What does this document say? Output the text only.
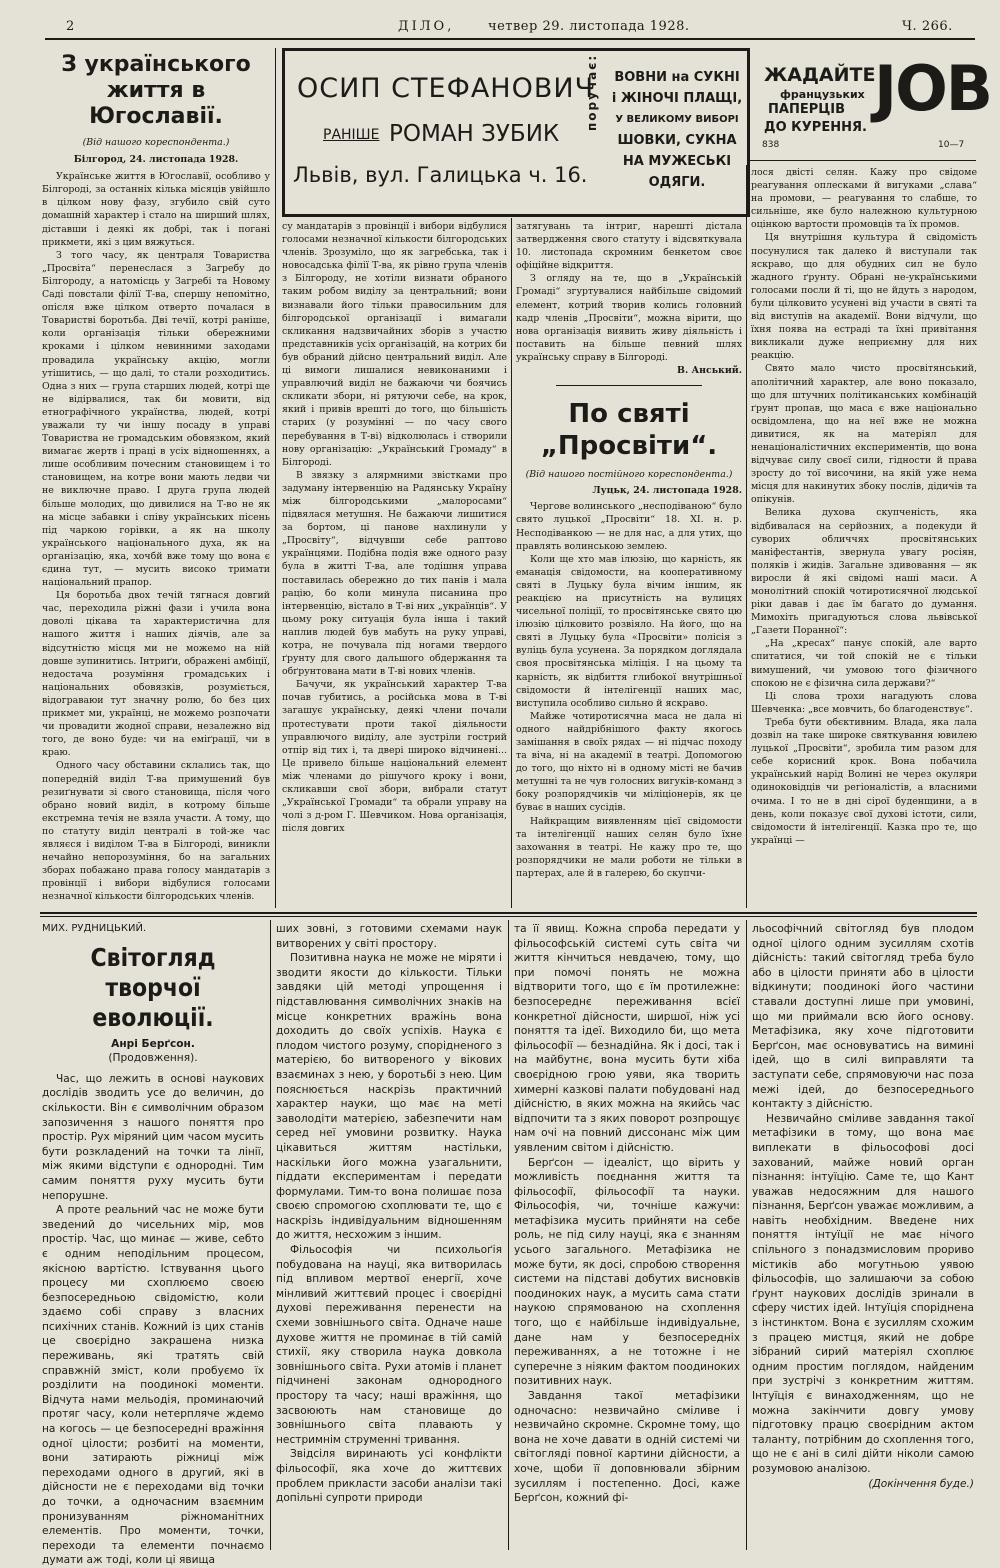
2	ДІЛО,	четвер 29. листопада 1928.	Ч. 266.
З українського життя в Югославії.

(Від нашого кореспондента.)

Білгород, 24. листопада 1928.

Українське життя в Югославії, особливо у Білгороді, за останніх кілька місяців увійшло в цілком нову фазу, згубило свій суто домашній характер і стало на ширший шлях, діставши і деякі як добрі, так і погані прикмети, які з цим вяжуться.

З того часу, як централя Товариства „Просвіта“ перенеслася з Загребу до Білгороду, а натомісць у Загребі та Новому Саді повстали філії Т-ва, спершу непомітно, опісля вже цілком отверто почалася в Товаристві боротьба. Дві течії, котрі раніше, коли організація тільки обережними кроками і цілком невинними заходами провадила українську акцію, могли утішитись, — що далі, то стали розходитись. Одна з них — група старших людей, котрі ще не відірвалися, так би мовити, від етнографічного українства, людей, котрі уважали ту чи іншу посаду в управі Товариства не громадським обовязком, який вимагає жертв і праці в усіх відношеннях, а лише особливим почесним становищем і то становищем, на котре вони мають ледви чи не виключне право. І друга група людей більше молодих, що дивилися на Т-во не як на місце забавки і співу українських пісень під чаркою горівки, а як на школу українського національного духа, як на організацію, яка, хочбй вже тому що вона є єдина тут, — мусить високо тримати національний прапор.

Ця боротьба двох течій тягнася довгий час, переходила ріжні фази і учила вона доволі цікава та характеристична для нашого життя і наших діячів, але за відсутністю місця ми не можемо на ній довше зупинитись. Інтриґи, ображені амбіції, недостача розуміння громадських і національних обовязків, розуміється, відограваюи тут значну ролю, бо без цих прикмет ми, українці, не можемо розпочати чи провадити жодної справи, незалежно від того, де воно буде: чи на еміґрації, чи в краю.

Одного часу обставини склались так, що попередній виділ Т-ва примушений був резиґнувати зі свого становища, після чого обрано новий виділ, в котрому більше екстремна течія не взяла участи. А тому, що по статуту виділ централі в той-же час являєся і виділом Т-ва в Білгороді, виникли нечайно непорозуміння, бо на загальних зборах побажано права голосу мандатарів з провінції і вибори відбулися голосами незначної кількости білгородських членів.

ОСИП СТЕФАНОВИЧ
РАНІШЕ РОМАН ЗУБИК
Львів, вул. Галицька ч. 16.
поручає: ВОВНИ на СУКНІ
і ЖІНОЧІ ПЛАЩІ,
У ВЕЛИКОМУ ВИБОРІ
ШОВКИ, СУКНА
НА МУЖЕСЬКІ
ОДЯГИ.
ЖАДАЙТЕ
французьких
ПАПЕРЦІВ
ДО КУРЕННЯ.
JOB
838	10—7

су мандатарів з провінції і вибори відбулися голосами незначної кількости білгородських членів. Зрозуміло, що як загребська, так і новосадська філії Т-ва, як рівно група членів з Білгороду, не хотіли визнати обраного таким робом виділу за центральний; вони визнавали його тільки правосильним для білгородської організації і вимагали скликання надзвичайних зборів з участю представників усіх організацій, на котрих би був обраний дійсно центральний виділ. Але ці вимоги лишалися невиконаними і управлючий виділ не бажаючи чи боячись скликати збори, ні рятуючи себе, на крок, який і привів врешті до того, що більшість старих (у розумінні — по часу свого перебування в Т-ві) відколюлась і створили нову організацію: „Український Громаду“ в Білгороді.

В звязку з алярмними звістками про задуману інтервенцію на Радянську Україну між білгородськими „малоросами“ підвялася метушня. Не бажаючи лишитися за бортом, ці панове нахлинули у „Просвіту“, відчувши себе раптово українцями. Подібна подія вже одного разу була в житті Т-ва, але тодішня управа поставилась обережно до тих панів і мала рацію, бо коли минула писанина про інтервенцію, вістало в Т-ві них „українців“. У цьому року ситуація була інша і такий наплив людей був мабуть на руку управі, котра, не почувала під ногами твердого ґрунту для свого дальшого обдержання та обґрунтована мати в Т-ві нових членів.

Бачучи, як український характер Т-ва почав губитись, а російська мова в Т-ві загашує українську, деякі члени почали протестувати проти такої діяльности управлючого виділу, але зустріли гострий отпір від тих і, та двері широко відчинені... Це привело більше національний елемент між членами до рішучого кроку і вони, скликавши свої збори, вибрали статут „Української Громади“ та обрали управу на чолі з д-ром Г. Шевчиком. Нова організація, після довгих

затягувань та інтриг, нарешті дістала затвердження свого статуту і відсвяткувала 10. листопада скромним бенкетом своє офіційне відкриття.

З огляду на те, що в „Українській Громаді“ згуртувалися найбільше свідомий елемент, котрий творив колись головний кадр членів „Просвіти“, можна вірити, що нова організація виявить живу діяльність і поставить на більше певний шлях українську справу в Білгороді.

В. Анський.

По святі „Просвіти“.

(Від нашого постійного кореспондента.)

Луцьк, 24. листопада 1928.

Чергове волинського „несподіваною“ було свято луцької „Просвіти“ 18. XI. н. р. Несподіванкою — не для нас, а для утих, що правлять волинською землею.

Коли ще хто мав ілюзію, що карність, як еманація свідомости, на кооперативному святі в Луцьку була вічим іншим, як реакцією на присутність на вулицях чисельної поліції, то просвітянське свято цю ілюзію цілковито розвіяло. На його, що на святі в Луцьку була «Просвіти» полісія з вуліць була усунена. За порядком доглядала своя просвітянська міліція. І на цьому та карність, як відбиття глибокої внутрішньої свідомости й інтелігенції наших мас, виступила особливо сильно й яскраво.

Майже чотиротисячна маса не дала ні одного найдрібнішого факту якогось замішання в своїх рядах — ні підчас походу та віча, ні на академії в театрі. Допомогою до того, що ніхто ні в одному місті не бачив метушні та не чув голосних вигуків-команд з боку розпорядчиків чи міліціонерів, як це буває в наших сусідів.

Найкращим виявленням цієї свідомости та інтелігенції наших селян було їхне захowання в театрі. Не кажу про те, що розпорядчики не мали роботи не тільки в партерах, але й в галерею, бо скупчи-

лося двісті селян. Кажу про свідоме реагування оплесками й вигуками „слава“ на промови, — реагування то слабше, то сильніше, яке було належною культурною оцінкою вартости промовців та їх промов.

Ця внутрішня культура й свідомість посунулися так далеко й виступали так яскраво, що для обудних сил не було жадного ґрунту. Обрані не-українськими голосами посли й ті, що не йдуть з народом, були цілковито усунені від участи в святі та від виступів на академії. Вони відчули, що їхня поява на естраді та їхні привітання викликали дуже неприємну для них реакцію.

Свято мало чисто просвітянський, аполітичний характер, але воно показало, що для штучних політиканських комбінацій ґрунт пропав, що маса є вже національно освідомлена, що на неї вже не можна дивитися, як на матеріял для ненаціоналістичних експериментів, що вона відчуває силу своєї сили, гідности й права зросту до тої височини, на якій уже нема місця для накинутих збоку послів, дідичів та опікунів.

Велика духова скупченість, яка відбивалася на серйозних, а подекуди й суворих обличчях просвітянських маніфестантів, звернула увагу росіян, поляків і жидів. Загальне здивовання — як виросли й які свідомі наші маси. А монолітний спокій чотиротисячної людської ріки давав і дає їм багато до думання. Мимохіть пригадуються слова львівської „Газети Поранної“:

„На „кресах“ панує спокій, але варто спитатися, чи той спокій не є тільки вимушений, чи умовою того фізичного спокою не є фізична сила держави?“

Ці слова трохи нагадують слова Шевченка: „все мовчить, бо благоденствує“.

Треба бути обєктивним. Влада, яка лала дозвіл на таке широке святкування ювилею луцької „Просвіти“, зробила тим разом для себе корисний крок. Вона побачила український нарід Волині не через окуляри одиноковідців чи регіоналістів, а власними очима. І то не в дні сірої буденщини, а в день, коли показує свої духові істоти, сили, свідомости й інтелігенції. Казка про те, що українці —

МИХ. РУДНИЦЬКИЙ.

Світогляд творчої еволюції.

Анрі Берґсон.

(Продовження).

Час, що лежить в основі наукових дослідів зводить усе до величин, до скількости. Він є символічним образом запозичення з нашого поняття про простір. Рух міряний цим часом мусить бути розкладений на точки та лінії, між якими відступи є однородні. Тим самим поняття руху мусить бути непорушне.

А проте реальний час не може бути зведений до чисельних мір, мов простір. Час, що минає — живе, себто є одним неподільним процесом, якісною вартістю. Іствування цього процесу ми схоплюємо своєю безпосередньою свідомістю, коли здаємо собі справу з власних психічних станів. Кожний із цих станів це своєрідно закрашена низка переживань, які тратять свій справжній зміст, коли пробуємо їх розділити на поодинокі моменти. Відчута нами мельодія, проминаючий протяг часу, коли нетерпляче ждемо на когось — це безпосередні вражіння одної цілости; розбиті на моменти, вони затирають ріжниці між переходами одного в другий, які в дійсности не є переходами від точки до точки, а одночасним взаємним пронизуванням ріжноманітних елементів. Про моменти, точки, переходи та елементи почнаємо думати аж тоді, коли ці явища

ших зовні, з готовими схемами наук витворених у світі простору.

Позитивна наука не може не міряти і зводити якости до кількости. Тільки завдяки цій методі упрощення і підставлювання символічних знаків на місце конкретних вражінь вона доходить до своїх успіхів. Наука є плодом чистого розуму, спорідненого з матерією, бо витвореного у вікових взаєминах з нею, у боротьбі з нею. Цим пояснюється наскрізь практичний характер науки, що має на меті заволодіти матерією, забезпечити нам серед неї умовини розвитку. Наука цікавиться життям настільки, наскільки його можна узагальнити, піддати експериментам і передати формулами. Тим-то вона полишає поза своєю спромогою схоплювати те, що є наскрізь індивідуальним відношенням до життя, несхожим з іншим.

Фільософія чи психольоґія побудована на науці, яка витворилась під впливом мертвої енергії, хоче мінливий життєвий процес і своєрідні духові переживання перенести на схеми зовнішнього світа. Одначе наше духове життя не проминає в тій самій стихії, яку створила наука довкола зовнішнього світа. Рухи атомів і планет підчинені законам однородного простору та часу; наші вражіння, що засвоюють нам становище до зовнішнього світа плавають у нестримнім струменні тривання.

Звідсіля виринають усі конфлікти фільософії, яка хоче до життєвих проблем прикласти засоби аналізи такі допільні супроти природи

та її явищ. Кожна спроба передати у фільософській системі суть світа чи життя кінчиться невдачею, тому, що при помочі понять не можна відтворити того, що є їм протилежне: безпосереднє переживання всієї конкретної дійсности, ширшої, ніж усі поняття та ідеї. Виходило би, що мета фільософії — безнадійна. Як і досі, так і на майбутнє, вона мусить бути хіба своєрідною грою уяви, яка творить химерні казкові палати побудовані над дійсністю, в яких можна на якийсь час відпочити та з яких поворот розпрощує нам очі на повний дисcонанс між цим уявленим світом і дійсністю.

Берґсон — ідеаліст, що вірить у можливість поєднання життя та фільософії, фільософії та науки. Фільософія, чи, точніше кажучи: метафізика мусить прийняти на себе роль, не під силу науці, яка є знанням усього загального. Метафізика не може бути, як досі, спробою створення системи на підставі добутих висновків поодиноких наук, а мусить сама стати наукою спрямованою на схоплення того, що є найбільше індивідуальне, дане нам у безпосередніх переживаннях, а не тотожне і не суперечне з ніяким фактом поодиноких позитивних наук.

Завдання такої метафізики одночасно: незвичайно сміливе і незвичайно скромне. Скромне тому, що вона не хоче давати в одній системі чи світогляді повної картини дійсности, а хоче, щоби її доповнювали збірним зусиллям і постепенно. Досі, каже Берґсон, кожний фі-

льософічний світогляд був плодом одної цілого одним зусиллям схотів дійсність: такий світогляд треба було або в цілости приняти або в цілости відкинути; поодинокі його частини ставали доступні лише при умовині, що ми приймали всю його основу. Метафізика, яку хоче підготовити Берґсон, має основуватись на вимині ідей, що в силі виправляти та заступати себе, спрямовуючи нас поза межі ідей, до безпосереднього контакту з дійсністю.

Незвичайно сміливе завдання такої метафізики в тому, що вона має виплекати в фільософові досі захований, майже новий орган пізнання: інтуїцію. Саме те, що Кант уважав недосяжним для нашого пізнання, Берґсон уважає можливим, а навіть необхідним. Введене них поняття інтуїції не має нічого спільного з понадзмисловим прориво містиків або могутньою уявою фільософів, що залишаючи за собою ґрунт наукових дослідів зринали в сферу чистих ідей. Інтуїція споріднена з інстинктом. Вона є зусиллям схожим з працею мистця, який не добре зібраний сирий матеріял схоплює одним простим поглядом, найденим при зустрічі з конкретним життям. Інтуїція є винаходженням, що не можна закінчити довгу умову підготовку працю своєрідним актом таланту, потрібним до схоплення того, що не є ані в силі дійти ніколи самою розумовою аналізою.

(Докінчення буде.)
